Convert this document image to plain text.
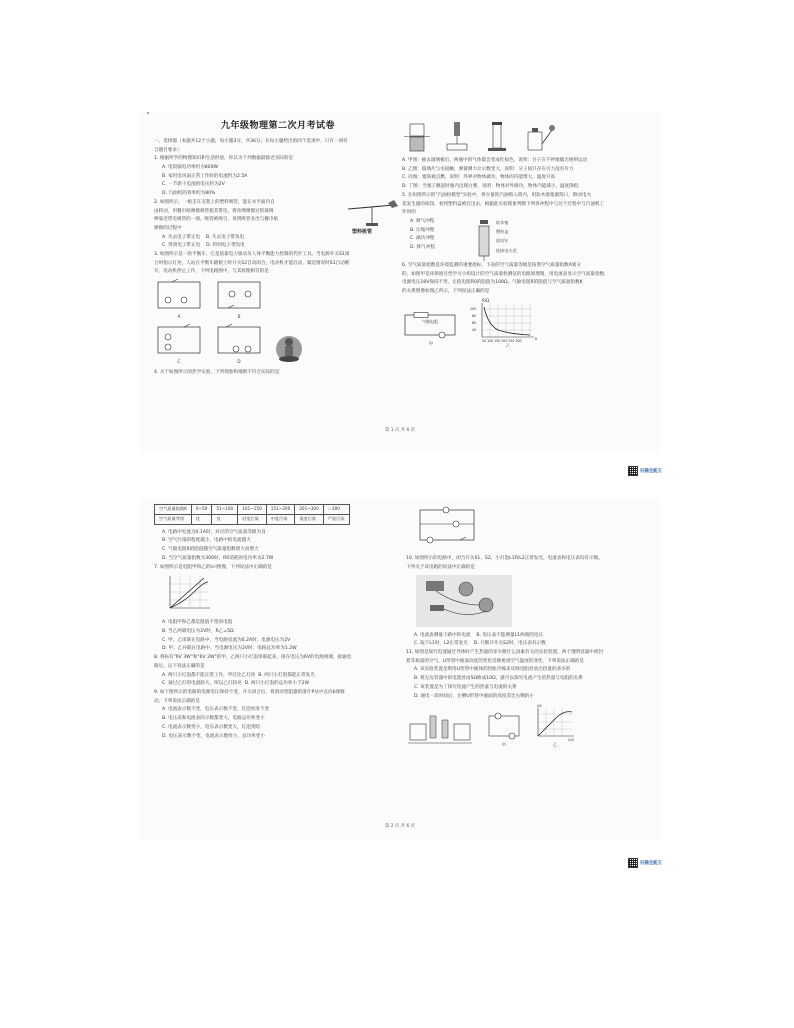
九年级物理第二次月考试卷
一、选择题（本题共12个小题，每小题3分，共36分。在每小题给出的四个选项中，只有一项符
合题目要求）
1. 根据所学的物理知识和生活经验，你认为下列数据最接近实际的是
A. 电饭锅电功率约为800W
B. 家用电风扇正常工作时的电流约为2.5A
C. 一节新干电池的电压约为2V
D. 汽油机的效率约为80%
2. 如图所示，一根支在支架上的塑料吸管，能在水平面内自
由转动，用餐巾纸摩擦吸管使其带电，将丝绸摩擦过的玻璃
棒靠近带电吸管的一端，吸管被吸引，说明吸管多出与餐巾纸
摩擦的过程中
A. 失去电子带正电 B. 失去电子带负电
C. 得到电子带正电 D. 得到电子带负电
塑料吸管
3. 如图所示是一款平衡车，它是依靠电力驱动及人体平衡能力控制的代步工具。当电源开关S1闭
合时指示灯亮，人站在平衡车踏板上时开关S2自动闭合，电动机才能启动，紧急情况时S1自动断
开，电动机停止工作，下列电路图中，与其原理相符的是
A	B
C	D
4. 关于如图所示的热学实验，下列现象和推断不符合实际的是
A. 甲图：抽去玻璃板后，两瓶中的气体都会变成红棕色，说明：分子在不停地做无规则运动
B. 乙图：玻璃片与水接触，弹簧测力计示数变大，说明：分子间只存在引力没有斥力
C. 丙图：塞筒被点燃，说明：外界对物体做功，物体的内能增大，温度升高
D. 丁图：当塞子跳起时瓶内出现白雾，说明：物体对外做功，物体内能减小，温度降低
5. 在如图所示的"汽油机模型"实验中，将少量的汽油喷入筒内，用软木塞塞紧筒口，揿动电火
花发生器的按钮，看到塑料盒被打出去，根据此实验现象判断下列各冲程中与这个过程中与汽油机工
作时的
A. 吸气冲程
B. 压缩冲程
C. 做功冲程
D. 排气冲程
软木塞
塑料盒
放电针
连接电火花
6. 空气质量指数是环境监测的重要指标，下表的空气质量等级是按照空气质量指数A划分
的，如图甲是环保项目性学习小组设计的空气质量检测仪的电路原理图，用电流表显示空气质量指数，
电源电压18V保持不变，定值电阻R0的阻值为100Ω，气敏电阻R的阻值与空气质量指数K
的关系图像如图乙所示，下列说法正确的是
气敏电阻
甲
R/Ω
100
80
60
40
50 100 150 200 250 300	K
乙
第 1 页 共 6 页
扫描全能王
空气质量指数K	0~50	51~100	101~150	151~200	201~300	＞300
空气质量等级	优	良	轻度污染	中度污染	重度污染	严重污染
A. 电路中电流为0.1A时，对应的空气质量等级为良
B. 空气污染的程度越小，电路中的电流越大
C. 气敏电阻R的阻值随空气质量指数增大而增大
D. 当空气质量指数为300时，R0消耗的电功率为2.7W
7. 如图所示是电阻甲和乙的U-I图像，下列说法中正确的是
A. 电阻甲和乙都是阻值不变的电阻
B. 当乙两端电压为2V时，R乙=5Ω
C. 甲、乙串联在电路中，当电路电流为0.2A时，电源电压为2V
D. 甲、乙并联在电路中，当电源电压为2V时，电路总功率为1.2W
8. 将标有"6V 3W"和"6V 2W"的甲、乙两只小灯泡串联起来，接在电压为6V的电源两端，接通电
路后，以下说法正确的是
A. 两只小灯泡都不能正常工作，甲灯比乙灯亮 B. 两只小灯泡都能正常发光
C. 通过乙灯的电流较大，所以乙灯较亮 D. 两只小灯泡的总功率小于2W
9. 如下图所示的电路的电源电压保持不变，开关闭合后，将滑动变阻器的滑片P从中点向b端移
动，下列说法正确的是
A. 电流表示数不变，电压表示数不变，灯泡亮度不变
B. 电压表和电流表的示数都变大，电路总功率变小
C. 电流表示数变小，电压表示数变大，灯泡变暗
D. 电压表示数不变，电流表示数变小，总功率变小
10. 如图所示的电路中，闭合开关S1、S2，小灯泡L1和L2正常发光，电流表和电压表均有示数。
下列关于该电路的说法中正确的是
A. 电流表测量干路中的电流 B. 电压表不能测量L1两端的电压
C. 取下L1时，L2正常发光 D. 只断开开关S2时，电压表有示数
11. 如图是探究电流通过导体时产生热量的多少跟什么因素有关的实验装置，两个透明容器中密封
着等质量的空气，U形管中液面高度的变化反映密闭空气温度的变化，下列说法正确的是
A. 该实验装置是利用U形管中液体的热胀冷缩来反映电阻丝放出热量的多少的
B. 将左边容器中的电阻丝由5Ω换成10Ω，就可以探究电流产生的热量与电阻的关系
C. 该装置是为了探究电流产生的热量与电流的关系
D. 通电一段时间后，左侧U形管中液面的高度差比右侧的小
甲
I/A
U/V
乙
第 2 页 共 6 页
扫描全能王
